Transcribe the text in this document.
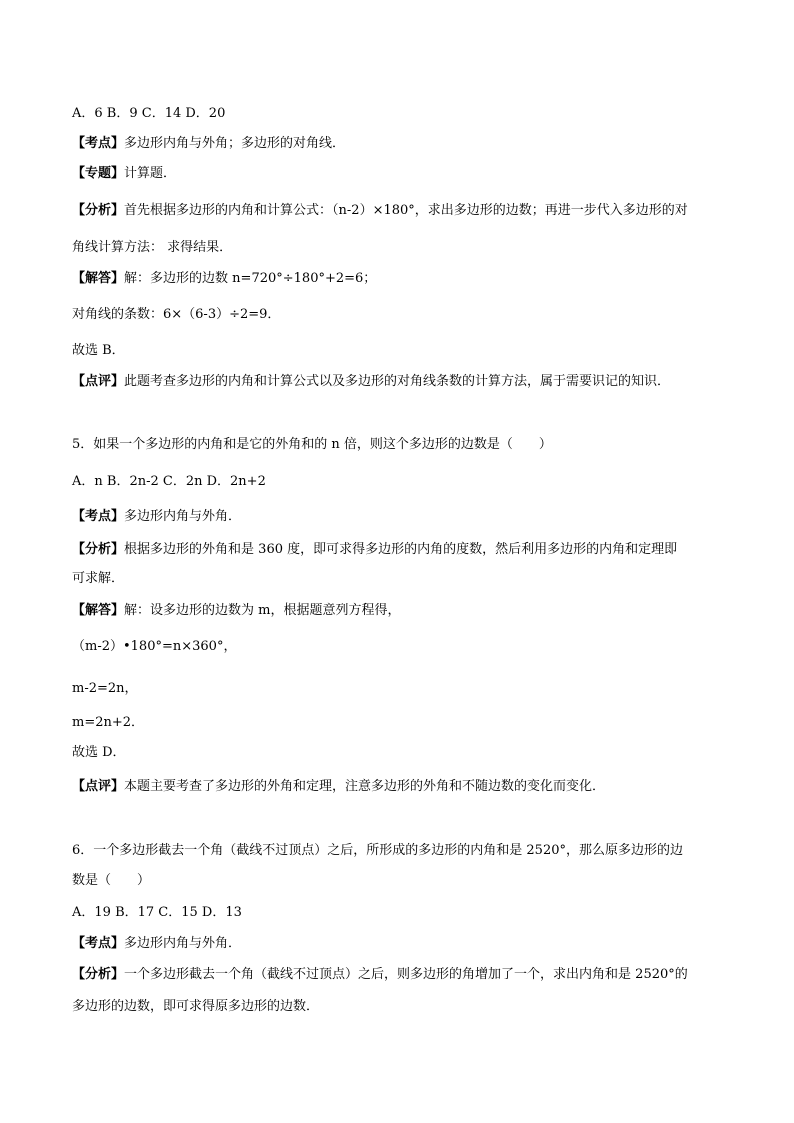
A．6 B．9 C．14 D．20
【考点】多边形内角与外角；多边形的对角线．
【专题】计算题．
【分析】首先根据多边形的内角和计算公式：（n-2）×180°，求出多边形的边数；再进一步代入多边形的对
角线计算方法： 求得结果．
【解答】解：多边形的边数 n=720°÷180°+2=6；
对角线的条数：6×（6-3）÷2=9．
故选 B．
【点评】此题考查多边形的内角和计算公式以及多边形的对角线条数的计算方法，属于需要识记的知识．
5．如果一个多边形的内角和是它的外角和的 n 倍，则这个多边形的边数是（　　）
A．n B．2n-2 C．2n D．2n+2
【考点】多边形内角与外角．
【分析】根据多边形的外角和是 360 度，即可求得多边形的内角的度数，然后利用多边形的内角和定理即
可求解．
【解答】解：设多边形的边数为 m，根据题意列方程得，
（m-2）•180°=n×360°，
m-2=2n，
m=2n+2．
故选 D．
【点评】本题主要考查了多边形的外角和定理，注意多边形的外角和不随边数的变化而变化．
6．一个多边形截去一个角（截线不过顶点）之后，所形成的多边形的内角和是 2520°，那么原多边形的边
数是（　　）
A．19 B．17 C．15 D．13
【考点】多边形内角与外角．
【分析】一个多边形截去一个角（截线不过顶点）之后，则多边形的角增加了一个，求出内角和是 2520°的
多边形的边数，即可求得原多边形的边数．
